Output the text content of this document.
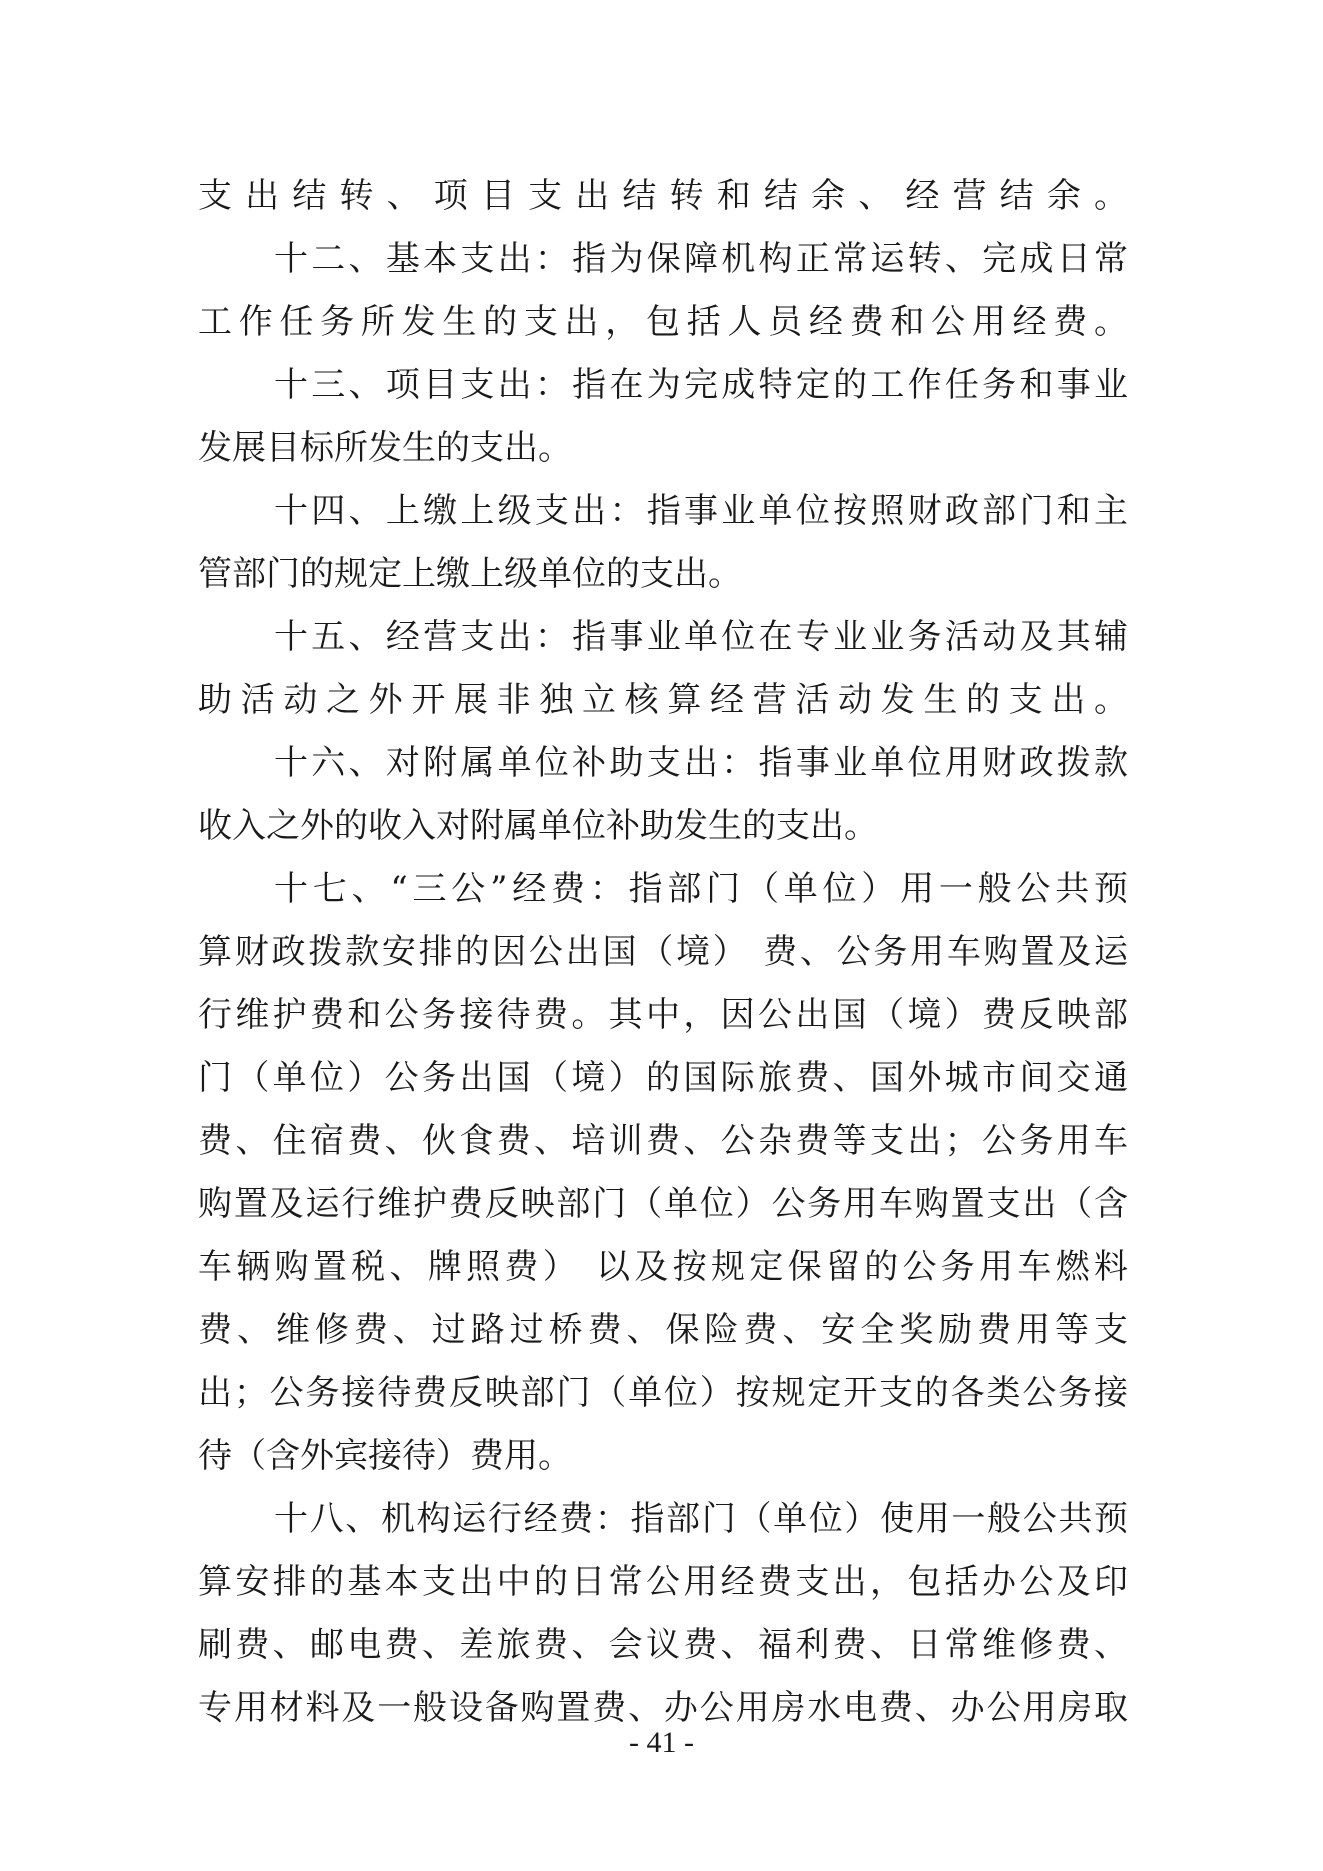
支出结转、项目支出结转和结余、经营结余。
十二、基本支出：指为保障机构正常运转、完成日常
工作任务所发生的支出，包括人员经费和公用经费。
十三、项目支出：指在为完成特定的工作任务和事业
发展目标所发生的支出。
十四、上缴上级支出：指事业单位按照财政部门和主
管部门的规定上缴上级单位的支出。
十五、经营支出：指事业单位在专业业务活动及其辅
助活动之外开展非独立核算经营活动发生的支出。
十六、对附属单位补助支出：指事业单位用财政拨款
收入之外的收入对附属单位补助发生的支出。
十七、“三公”经费：指部门（单位）用一般公共预
算财政拨款安排的因公出国（境） 费、公务用车购置及运
行维护费和公务接待费。其中，因公出国（境）费反映部
门（单位）公务出国（境）的国际旅费、国外城市间交通
费、住宿费、伙食费、培训费、公杂费等支出；公务用车
购置及运行维护费反映部门（单位）公务用车购置支出（含
车辆购置税、牌照费） 以及按规定保留的公务用车燃料
费、维修费、过路过桥费、保险费、安全奖励费用等支
出；公务接待费反映部门（单位）按规定开支的各类公务接
待（含外宾接待）费用。
十八、机构运行经费：指部门（单位）使用一般公共预
算安排的基本支出中的日常公用经费支出，包括办公及印
刷费、邮电费、差旅费、会议费、福利费、日常维修费、
专用材料及一般设备购置费、办公用房水电费、办公用房取
- 41 -
